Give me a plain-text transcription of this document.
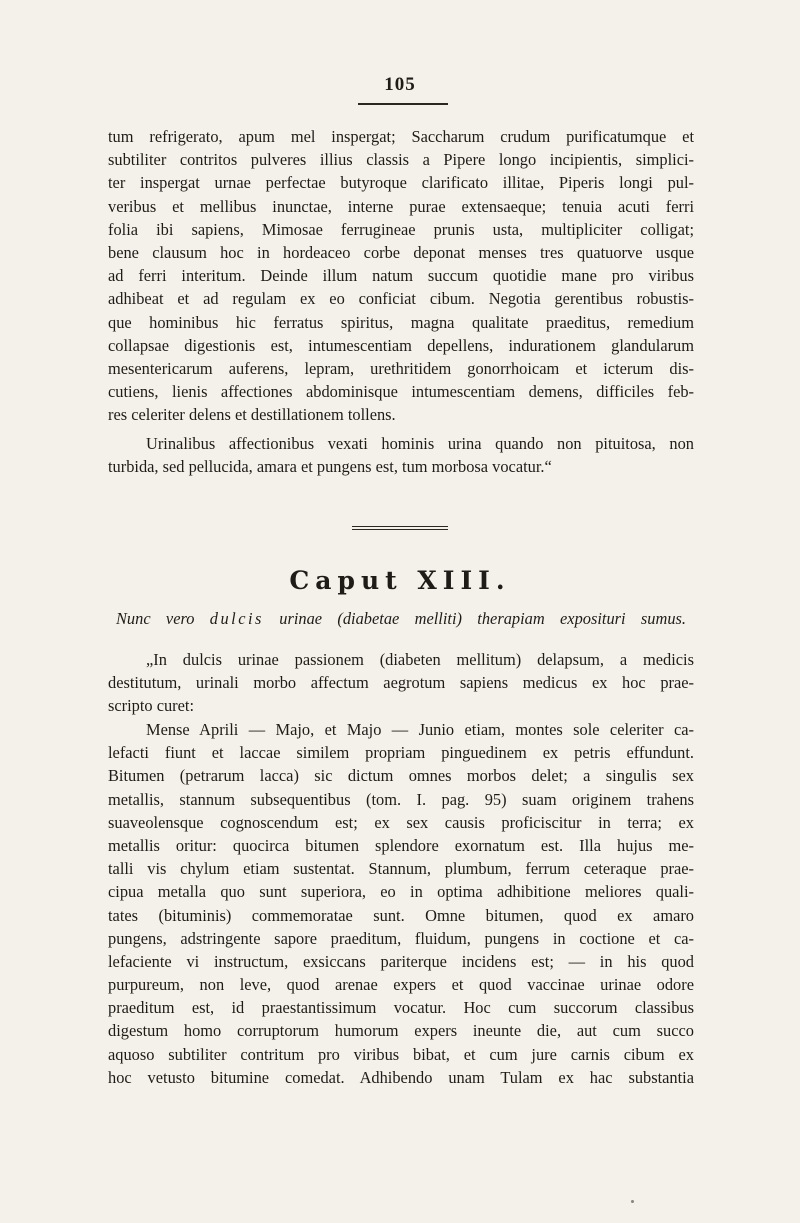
105
tum refrigerato, apum mel inspergat; Saccharum crudum purificatumque et
subtiliter contritos pulveres illius classis a Pipere longo incipientis, simplici-
ter inspergat urnae perfectae butyroque clarificato illitae, Piperis longi pul-
veribus et mellibus inunctae, interne purae extensaeque; tenuia acuti ferri
folia ibi sapiens, Mimosae ferrugineae prunis usta, multipliciter colligat;
bene clausum hoc in hordeaceo corbe deponat menses tres quatuorve usque
ad ferri interitum. Deinde illum natum succum quotidie mane pro viribus
adhibeat et ad regulam ex eo conficiat cibum. Negotia gerentibus robustis-
que hominibus hic ferratus spiritus, magna qualitate praeditus, remedium
collapsae digestionis est, intumescentiam depellens, indurationem glandularum
mesentericarum auferens, lepram, urethritidem gonorrhoicam et icterum dis-
cutiens, lienis affectiones abdominisque intumescentiam demens, difficiles feb-
res celeriter delens et destillationem tollens.
Urinalibus affectionibus vexati hominis urina quando non pituitosa, non
turbida, sed pellucida, amara et pungens est, tum morbosa vocatur.“
Caput XIII.
Nunc vero dulcis urinae (diabetae melliti) therapiam exposituri sumus.
„In dulcis urinae passionem (diabeten mellitum) delapsum, a medicis
destitutum, urinali morbo affectum aegrotum sapiens medicus ex hoc prae-
scripto curet:
Mense Aprili — Majo, et Majo — Junio etiam, montes sole celeriter ca-
lefacti fiunt et laccae similem propriam pinguedinem ex petris effundunt.
Bitumen (petrarum lacca) sic dictum omnes morbos delet; a singulis sex
metallis, stannum subsequentibus (tom. I. pag. 95) suam originem trahens
suaveolensque cognoscendum est; ex sex causis proficiscitur in terra; ex
metallis oritur: quocirca bitumen splendore exornatum est. Illa hujus me-
talli vis chylum etiam sustentat. Stannum, plumbum, ferrum ceteraque prae-
cipua metalla quo sunt superiora, eo in optima adhibitione meliores quali-
tates (bituminis) commemoratae sunt. Omne bitumen, quod ex amaro
pungens, adstringente sapore praeditum, fluidum, pungens in coctione et ca-
lefaciente vi instructum, exsiccans pariterque incidens est; — in his quod
purpureum, non leve, quod arenae expers et quod vaccinae urinae odore
praeditum est, id praestantissimum vocatur. Hoc cum succorum classibus
digestum homo corruptorum humorum expers ineunte die, aut cum succo
aquoso subtiliter contritum pro viribus bibat, et cum jure carnis cibum ex
hoc vetusto bitumine comedat. Adhibendo unam Tulam ex hac substantia
